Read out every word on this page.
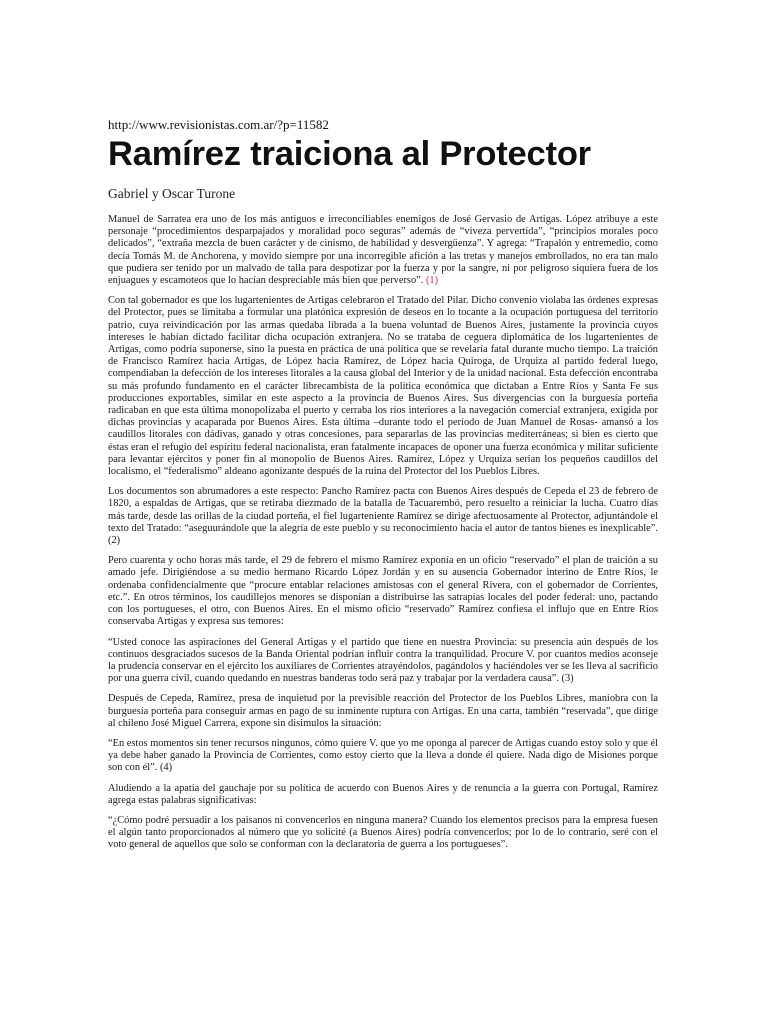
http://www.revisionistas.com.ar/?p=11582
Ramírez traiciona al Protector
Gabriel y Oscar Turone

Manuel de Sarratea era uno de los más antiguos e irreconciliables enemigos de José Gervasio de Artigas. López atribuye a este personaje “procedimientos desparpajados y moralidad poco seguras” además de “viveza pervertida”, “principios morales poco delicados”, “extraña mezcla de buen carácter y de cinismo, de habilidad y desvergüenza”. Y agrega: “Trapalón y entremedio, como decía Tomás M. de Anchorena, y movido siempre por una incorregible afición a las tretas y manejos embrollados, no era tan malo que pudiera ser tenido por un malvado de talla para despotizar por la fuerza y por la sangre, ni por peligroso siquiera fuera de los enjuagues y escamoteos que lo hacían despreciable más bien que perverso”. (1)

Con tal gobernador es que los lugartenientes de Artigas celebraron el Tratado del Pilar. Dicho convenio violaba las órdenes expresas del Protector, pues se limitaba a formular una platónica expresión de deseos en lo tocante a la ocupación portuguesa del territorio patrio, cuya reivindicación por las armas quedaba librada a la buena voluntad de Buenos Aires, justamente la provincia cuyos intereses le habían dictado facilitar dicha ocupación extranjera. No se trataba de ceguera diplomática de los lugartenientes de Artigas, como podría suponerse, sino la puesta en práctica de una política que se revelaría fatal durante mucho tiempo. La traición de Francisco Ramírez hacia Artigas, de López hacia Ramírez, de López hacia Quiroga, de Urquiza al partido federal luego, compendiaban la defección de los intereses litorales a la causa global del Interior y de la unidad nacional. Esta defección encontraba su más profundo fundamento en el carácter librecambista de la política económica que dictaban a Entre Ríos y Santa Fe sus producciones exportables, similar en este aspecto a la provincia de Buenos Aires. Sus divergencias con la burguesía porteña radicaban en que esta última monopolizaba el puerto y cerraba los ríos interiores a la navegación comercial extranjera, exigida por dichas provincias y acaparada por Buenos Aires. Esta última –durante todo el período de Juan Manuel de Rosas- amansó a los caudillos litorales con dádivas, ganado y otras concesiones, para separarlas de las provincias mediterráneas; si bien es cierto que éstas eran el refugio del espíritu federal nacionalista, eran fatalmente incapaces de oponer una fuerza económica y militar suficiente para levantar ejércitos y poner fin al monopolio de Buenos Aires. Ramírez, López y Urquiza serían los pequeños caudillos del localismo, el “federalismo” aldeano agonizante después de la ruina del Protector del los Pueblos Libres.

Los documentos son abrumadores a este respecto: Pancho Ramírez pacta con Buenos Aires después de Cepeda el 23 de febrero de 1820, a espaldas de Artigas, que se retiraba diezmado de la batalla de Tacuarembó, pero resuelto a reiniciar la lucha. Cuatro días más tarde, desde las orillas de la ciudad porteña, el fiel lugarteniente Ramírez se dirige afectuosamente al Protector, adjuntándole el texto del Tratado: “aseguurándole que la alegría de este pueblo y su reconocimiento hacia el autor de tantos bienes es inexplicable”. (2)

Pero cuarenta y ocho horas más tarde, el 29 de febrero el mismo Ramírez exponía en un oficio “reservado” el plan de traición a su amado jefe. Dirigiéndose a su medio hermano Ricardo López Jordán y en su ausencia Gobernador interino de Entre Ríos, le ordenaba confidencialmente que “procure entablar relaciones amistosas con el general Rivera, con el gobernador de Corrientes, etc.”. En otros términos, los caudillejos menores se disponían a distribuirse las satrapías locales del poder federal: uno, pactando con los portugueses, el otro, con Buenos Aires. En el mismo oficio “reservado” Ramírez confiesa el influjo que en Entre Ríos conservaba Artigas y expresa sus temores:

“Usted conoce las aspiraciones del General Artigas y el partido que tiene en nuestra Provincia: su presencia aún después de los continuos desgraciados sucesos de la Banda Oriental podrían influir contra la tranquilidad. Procure V. por cuantos medios aconseje la prudencia conservar en el ejército los auxiliares de Corrientes atrayéndolos, pagándolos y haciéndoles ver se les lleva al sacrificio por una guerra civil, cuando quedando en nuestras banderas todo será paz y trabajar por la verdadera causa”. (3)

Después de Cepeda, Ramírez, presa de inquietud por la previsible reacción del Protector de los Pueblos Libres, maniobra con la burguesía porteña para conseguir armas en pago de su inminente ruptura con Artigas. En una carta, también “reservada”, que dirige al chileno José Miguel Carrera, expone sin disimulos la situación:

“En estos momentos sin tener recursos ningunos, cómo quiere V. que yo me oponga al parecer de Artigas cuando estoy solo y que él ya debe haber ganado la Provincia de Corrientes, como estoy cierto que la lleva a donde él quiere. Nada digo de Misiones porque son con él”. (4)

Aludiendo a la apatía del gauchaje por su política de acuerdo con Buenos Aires y de renuncia a la guerra con Portugal, Ramírez agrega estas palabras significativas:

“¿Cómo podré persuadir a los paisanos ni convencerlos en ninguna manera? Cuando los elementos precisos para la empresa fuesen el algún tanto proporcionados al número que yo solicité (a Buenos Aires) podría convencerlos; por lo de lo contrario, seré con el voto general de aquellos que solo se conforman con la declaratoria de guerra a los portugueses”.
